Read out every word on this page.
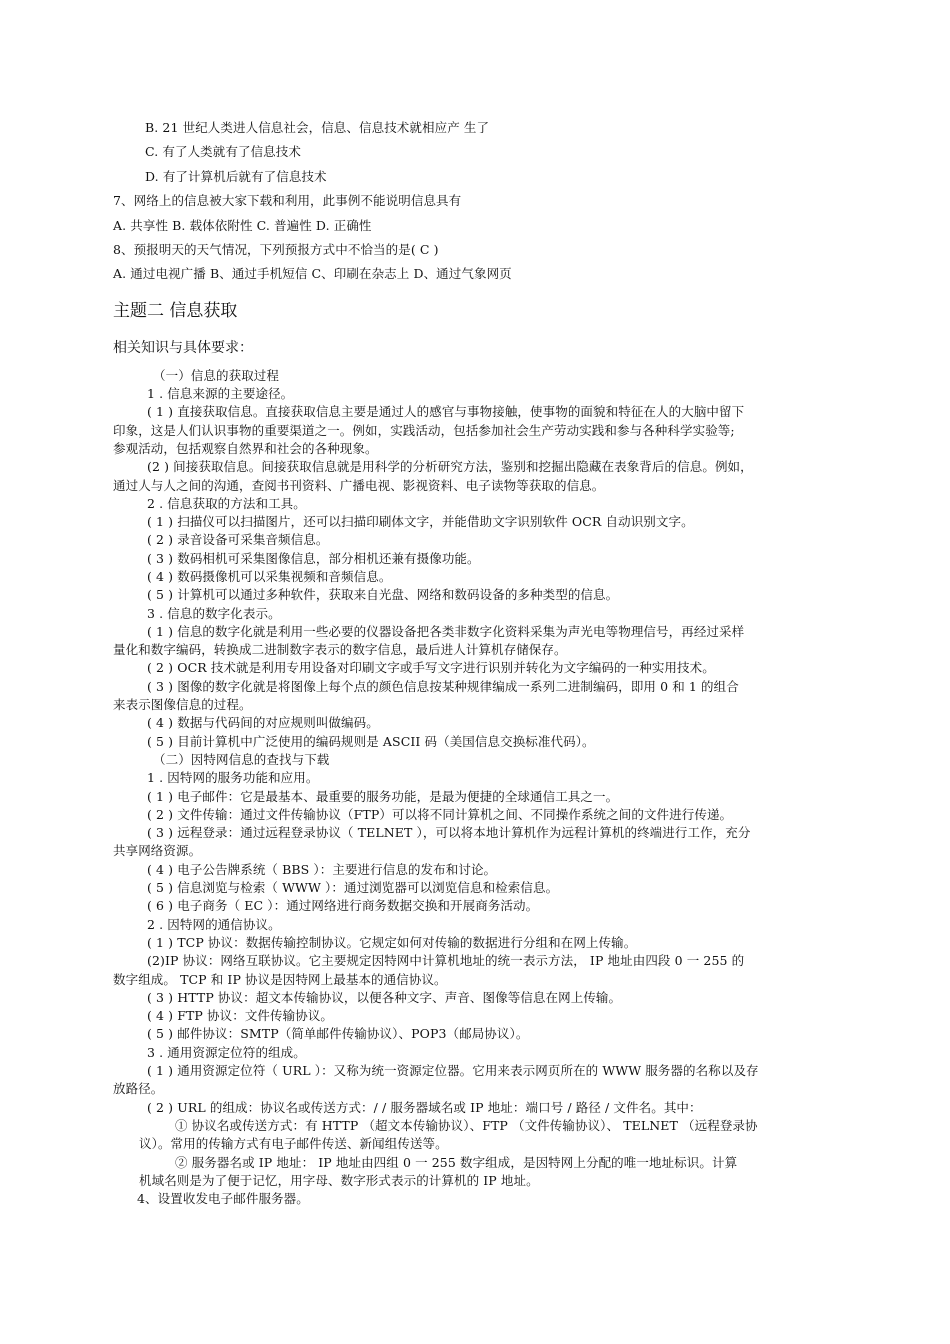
B. 21 世纪人类进人信息社会，信息、信息技术就相应产 生了
C. 有了人类就有了信息技术
D. 有了计算机后就有了信息技术
7、网络上的信息被大家下载和利用，此事例不能说明信息具有
A. 共享性 B. 载体依附性 C. 普遍性 D. 正确性
8、预报明天的天气情况，下列预报方式中不恰当的是( C )
A. 通过电视广播 B、通过手机短信 C、印刷在杂志上 D、通过气象网页
主题二 信息获取
相关知识与具体要求：
（一）信息的获取过程
1 . 信息来源的主要途径。
( 1 ) 直接获取信息。直接获取信息主要是通过人的感官与事物接触，使事物的面貌和特征在人的大脑中留下
印象，这是人们认识事物的重要渠道之一。例如，实践活动，包括参加社会生产劳动实践和参与各种科学实验等;
参观活动，包括观察自然界和社会的各种现象。
(2 ) 间接获取信息。间接获取信息就是用科学的分析研究方法，鉴别和挖掘出隐藏在表象背后的信息。例如，
通过人与人之间的沟通，查阅书刊资料、广播电视、影视资料、电子读物等获取的信息。
2 . 信息获取的方法和工具。
( 1 ) 扫描仪可以扫描图片，还可以扫描印刷体文字，并能借助文字识别软件 OCR 自动识别文字。
( 2 ) 录音设备可采集音频信息。
( 3 ) 数码相机可采集图像信息，部分相机还兼有摄像功能。
( 4 ) 数码摄像机可以采集视频和音频信息。
( 5 ) 计算机可以通过多种软件，获取来自光盘、网络和数码设备的多种类型的信息。
3 . 信息的数字化表示。
( 1 ) 信息的数字化就是利用一些必要的仪器设备把各类非数字化资料采集为声光电等物理信号，再经过采样
量化和数字编码，转换成二进制数字表示的数字信息，最后进人计算机存储保存。
( 2 ) OCR 技术就是利用专用设备对印刷文字或手写文字进行识别并转化为文字编码的一种实用技术。
( 3 ) 图像的数字化就是将图像上每个点的颜色信息按某种规律编成一系列二进制编码，即用 0 和 1 的组合
来表示图像信息的过程。
( 4 ) 数据与代码间的对应规则叫做编码。
( 5 ) 目前计算机中广泛使用的编码规则是 ASCII 码（美国信息交换标准代码）。
（二）因特网信息的查找与下载
1 . 因特网的服务功能和应用。
( 1 ) 电子邮件：它是最基本、最重要的服务功能，是最为便捷的全球通信工具之一。
( 2 ) 文件传输：通过文件传输协议（FTP）可以将不同计算机之间、不同操作系统之间的文件进行传递。
( 3 ) 远程登录：通过远程登录协议（ TELNET ），可以将本地计算机作为远程计算机的终端进行工作，充分
共享网络资源。
( 4 ) 电子公告牌系统（ BBS ）：主要进行信息的发布和讨论。
( 5 ) 信息浏览与检索（ WWW ）：通过浏览器可以浏览信息和检索信息。
( 6 ) 电子商务（ EC ）：通过网络进行商务数据交换和开展商务活动。
2 . 因特网的通信协议。
( 1 ) TCP 协议：数据传输控制协议。它规定如何对传输的数据进行分组和在网上传输。
(2)IP 协议：网络互联协议。它主要规定因特网中计算机地址的统一表示方法， IP 地址由四段 0 一 255 的
数字组成。 TCP 和 IP 协议是因特网上最基本的通信协议。
( 3 ) HTTP 协议：超文本传输协议，以便各种文字、声音、图像等信息在网上传输。
( 4 ) FTP 协议：文件传输协议。
( 5 ) 邮件协议：SMTP（简单邮件传输协议）、POP3（邮局协议）。
3 . 通用资源定位符的组成。
( 1 ) 通用资源定位符（ URL ）：又称为统一资源定位器。它用来表示网页所在的 WWW 服务器的名称以及存
放路径。
( 2 ) URL 的组成：协议名或传送方式：/ / 服务器域名或 IP 地址：端口号 / 路径 / 文件名。其中：
① 协议名或传送方式：有 HTTP （超文本传输协议）、FTP （文件传输协议）、 TELNET （远程登录协
议）。常用的传输方式有电子邮件传送、新闻组传送等。
② 服务器名或 IP 地址： IP 地址由四组 0 一 255 数字组成，是因特网上分配的唯一地址标识。计算
机域名则是为了便于记忆，用字母、数字形式表示的计算机的 IP 地址。
4、设置收发电子邮件服务器。
